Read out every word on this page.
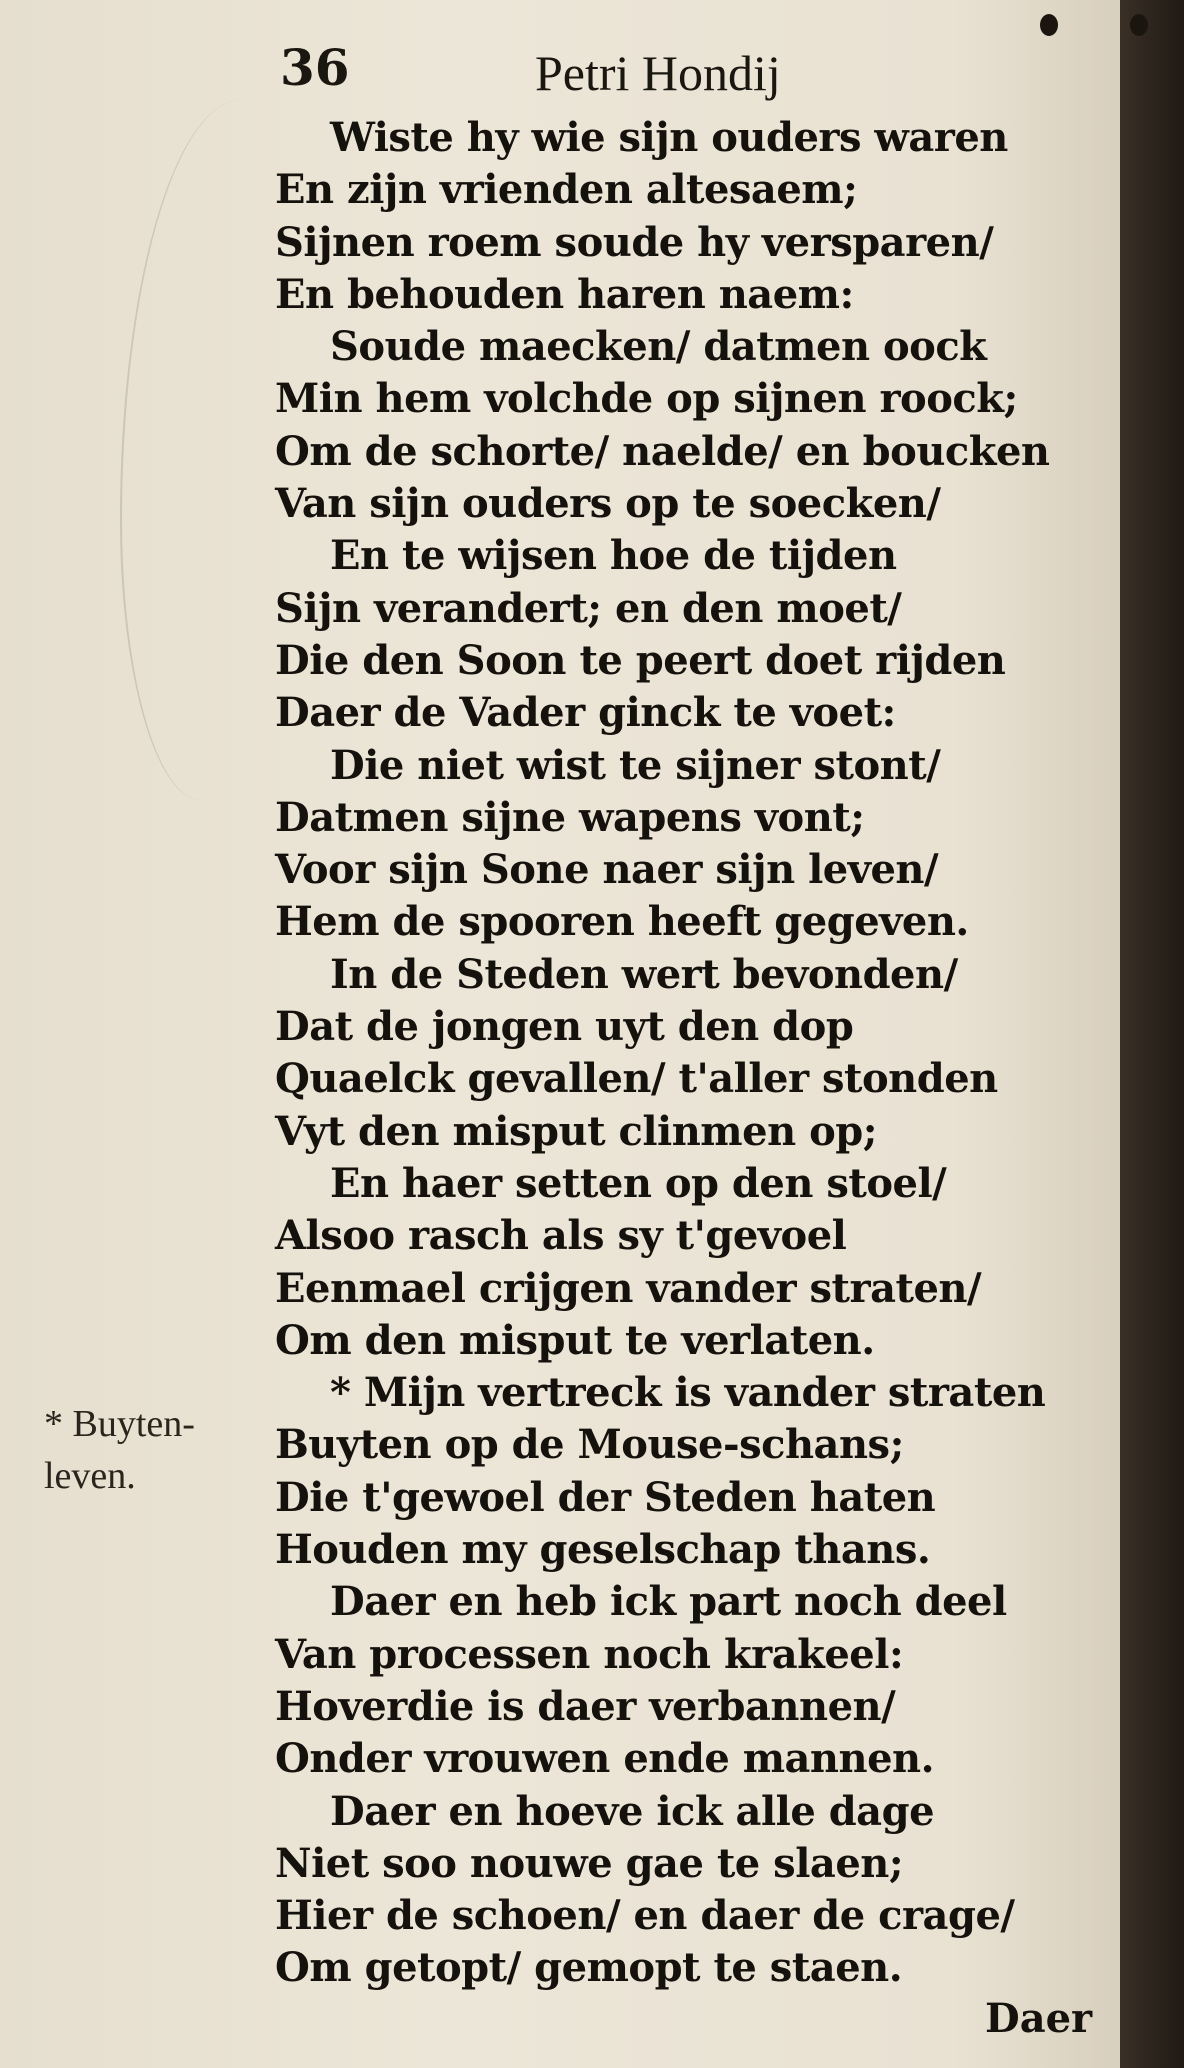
36	Petri Hondij
Wiste hy wie sijn ouders waren
En zijn vrienden altesaem;
Sijnen roem soude hy versparen/
En behouden haren naem:
Soude maecken/ datmen oock
Min hem volchde op sijnen roock;
Om de schorte/ naelde/ en boucken
Van sijn ouders op te soecken/
En te wijsen hoe de tijden
Sijn verandert; en den moet/
Die den Soon te peert doet rijden
Daer de Vader ginck te voet:
Die niet wist te sijner stont/
Datmen sijne wapens vont;
Voor sijn Sone naer sijn leven/
Hem de spooren heeft gegeven.
In de Steden wert bevonden/
Dat de jongen uyt den dop
Quaelck gevallen/ t'aller stonden
Vyt den misput clinmen op;
En haer setten op den stoel/
Alsoo rasch als sy t'gevoel
Eenmael crijgen vander straten/
Om den misput te verlaten.
* Mijn vertreck is vander straten
Buyten op de Mouse-schans;
Die t'gewoel der Steden haten
Houden my geselschap thans.
Daer en heb ick part noch deel
Van processen noch krakeel:
Hoverdie is daer verbannen/
Onder vrouwen ende mannen.
Daer en hoeve ick alle dage
Niet soo nouwe gae te slaen;
Hier de schoen/ en daer de crage/
Om getopt/ gemopt te staen.
* Buyten-
leven.
Daer
